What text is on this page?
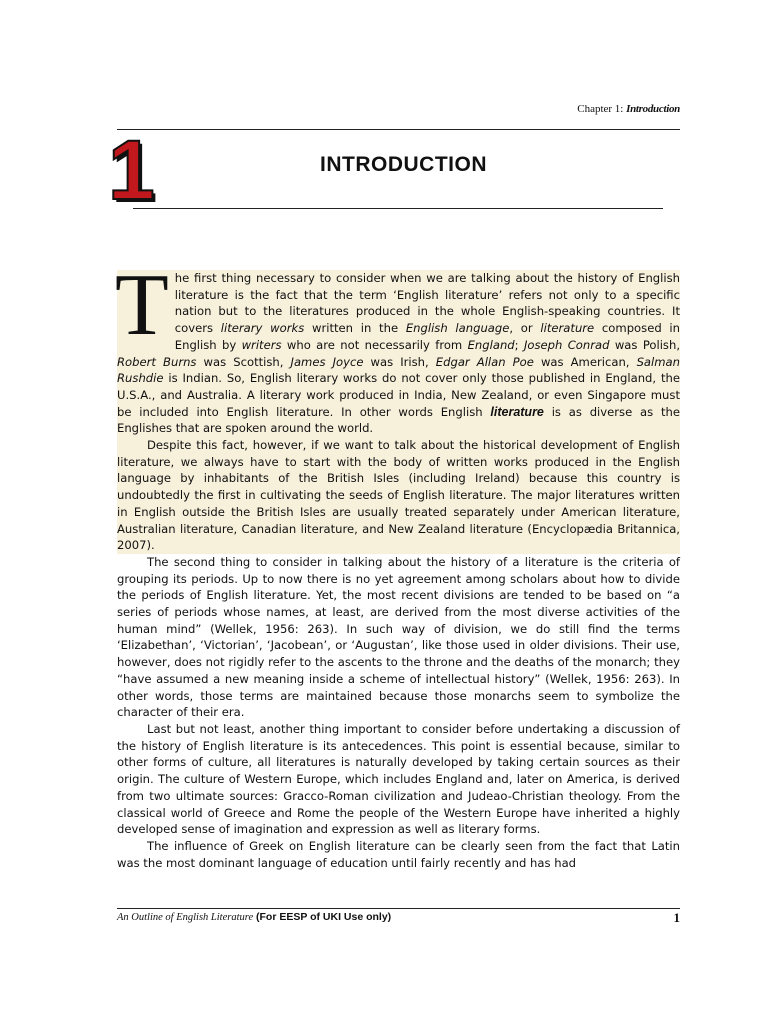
Chapter 1: Introduction
1	INTRODUCTION

The first thing necessary to consider when we are talking about the history of English literature is the fact that the term ‘English literature’ refers not only to a specific nation but to the literatures produced in the whole English-speaking countries. It covers literary works written in the English language, or literature composed in English by writers who are not necessarily from England; Joseph Conrad was Polish, Robert Burns was Scottish, James Joyce was Irish, Edgar Allan Poe was American, Salman Rushdie is Indian. So, English literary works do not cover only those published in England, the U.S.A., and Australia. A literary work produced in India, New Zealand, or even Singapore must be included into English literature. In other words English literature is as diverse as the Englishes that are spoken around the world.

Despite this fact, however, if we want to talk about the historical development of English literature, we always have to start with the body of written works produced in the English language by inhabitants of the British Isles (including Ireland) because this country is undoubtedly the first in cultivating the seeds of English literature. The major literatures written in English outside the British Isles are usually treated separately under American literature, Australian literature, Canadian literature, and New Zealand literature (Encyclopædia Britannica, 2007).

The second thing to consider in talking about the history of a literature is the criteria of grouping its periods. Up to now there is no yet agreement among scholars about how to divide the periods of English literature. Yet, the most recent divisions are tended to be based on “a series of periods whose names, at least, are derived from the most diverse activities of the human mind” (Wellek, 1956: 263). In such way of division, we do still find the terms ‘Elizabethan’, ‘Victorian’, ‘Jacobean’, or ‘Augustan’, like those used in older divisions. Their use, however, does not rigidly refer to the ascents to the throne and the deaths of the monarch; they “have assumed a new meaning inside a scheme of intellectual history” (Wellek, 1956: 263). In other words, those terms are maintained because those monarchs seem to symbolize the character of their era.

Last but not least, another thing important to consider before undertaking a discussion of the history of English literature is its antecedences. This point is essential because, similar to other forms of culture, all literatures is naturally developed by taking certain sources as their origin. The culture of Western Europe, which includes England and, later on America, is derived from two ultimate sources: Gracco-Roman civilization and Judeao-Christian theology. From the classical world of Greece and Rome the people of the Western Europe have inherited a highly developed sense of imagination and expression as well as literary forms.

The influence of Greek on English literature can be clearly seen from the fact that Latin was the most dominant language of education until fairly recently and has had

An Outline of English Literature (For EESP of UKI Use only)	1
